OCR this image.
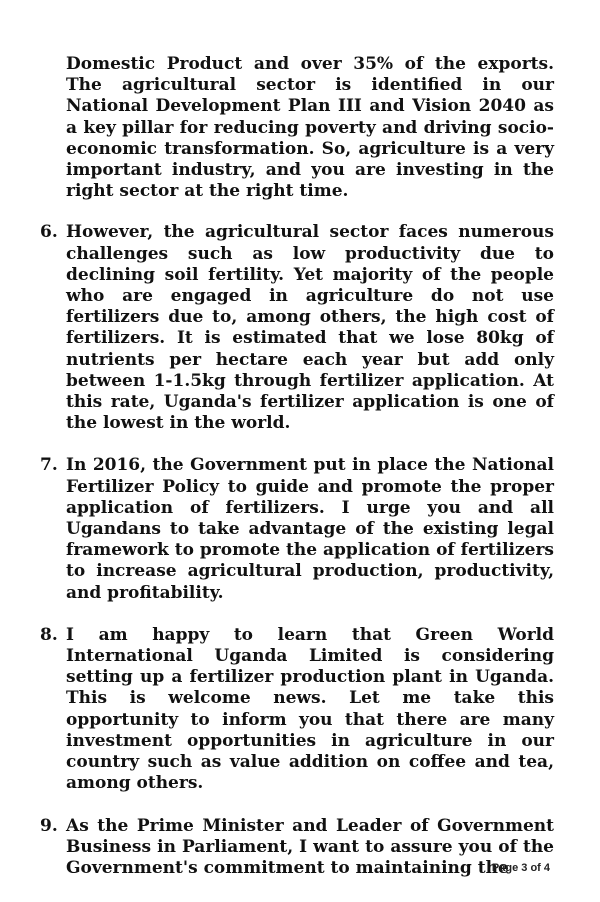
Domestic Product and over 35% of the exports. The agricultural sector is identified in our National Development Plan III and Vision 2040 as a key pillar for reducing poverty and driving socio-economic transformation. So, agriculture is a very important industry, and you are investing in the right sector at the right time.

6. However, the agricultural sector faces numerous challenges such as low productivity due to declining soil fertility. Yet majority of the people who are engaged in agriculture do not use fertilizers due to, among others, the high cost of fertilizers. It is estimated that we lose 80kg of nutrients per hectare each year but add only between 1-1.5kg through fertilizer application. At this rate, Uganda's fertilizer application is one of the lowest in the world.

7. In 2016, the Government put in place the National Fertilizer Policy to guide and promote the proper application of fertilizers. I urge you and all Ugandans to take advantage of the existing legal framework to promote the application of fertilizers to increase agricultural production, productivity, and profitability.

8. I am happy to learn that Green World International Uganda Limited is considering setting up a fertilizer production plant in Uganda. This is welcome news. Let me take this opportunity to inform you that there are many investment opportunities in agriculture in our country such as value addition on coffee and tea, among others.

9. As the Prime Minister and Leader of Government Business in Parliament, I want to assure you of the Government's commitment to maintaining the

Page 3 of 4
